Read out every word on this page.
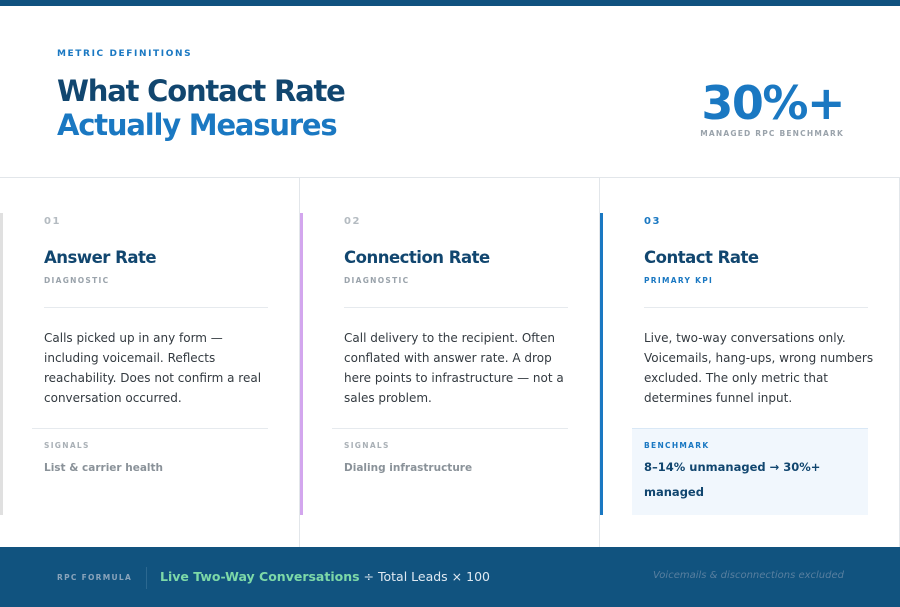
METRIC DEFINITIONS
What Contact Rate
Actually Measures	30%+
MANAGED RPC BENCHMARK
01
Answer Rate
DIAGNOSTIC
Calls picked up in any form — including voicemail. Reflects reachability. Does not confirm a real conversation occurred.
SIGNALS
List & carrier health
02
Connection Rate
DIAGNOSTIC
Call delivery to the recipient. Often conflated with answer rate. A drop here points to infrastructure — not a sales problem.
SIGNALS
Dialing infrastructure
03
Contact Rate
PRIMARY KPI
Live, two-way conversations only. Voicemails, hang-ups, wrong numbers excluded. The only metric that determines funnel input.
BENCHMARK
8–14% unmanaged → 30%+ managed
RPC FORMULA Live Two-Way Conversations ÷ Total Leads × 100	Voicemails & disconnections excluded
